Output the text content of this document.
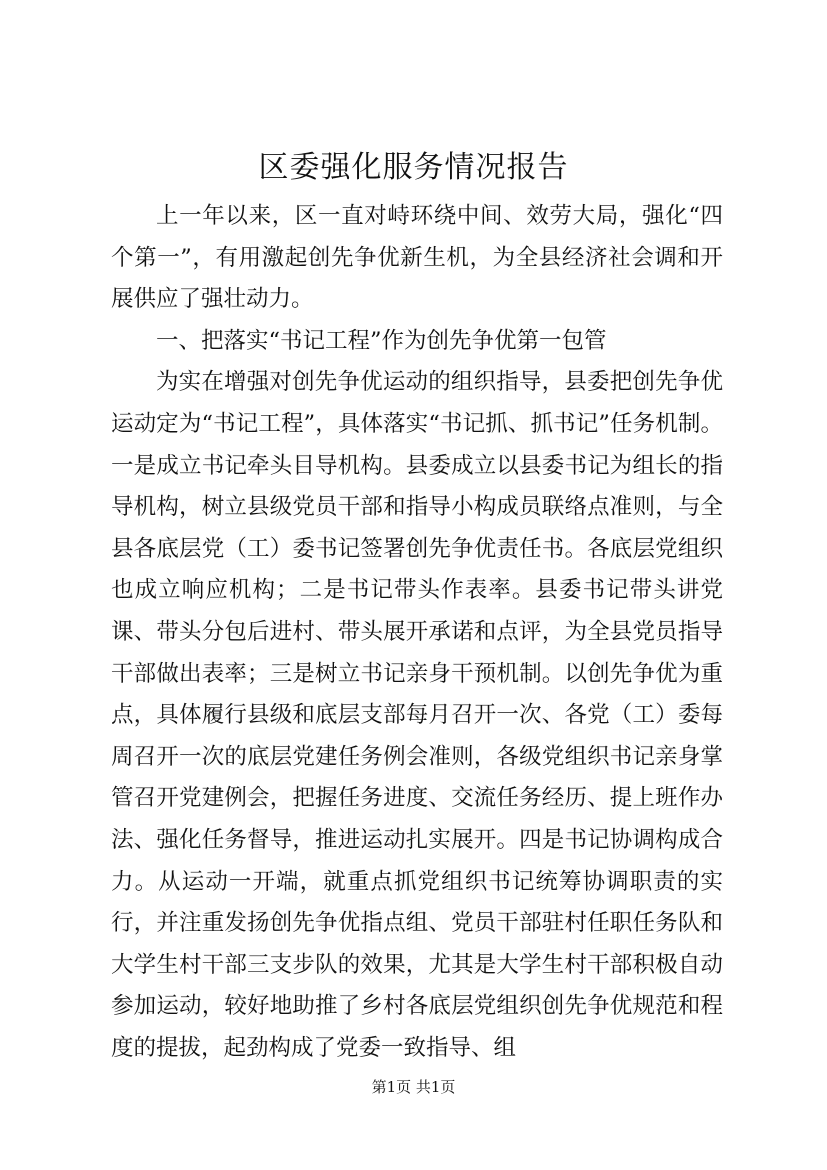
区委强化服务情况报告

上一年以来，区一直对峙环绕中间、效劳大局，强化“四个第一”，有用激起创先争优新生机，为全县经济社会调和开展供应了强壮动力。

一、把落实“书记工程”作为创先争优第一包管

为实在增强对创先争优运动的组织指导，县委把创先争优运动定为“书记工程”，具体落实“书记抓、抓书记”任务机制。一是成立书记牵头目导机构。县委成立以县委书记为组长的指导机构，树立县级党员干部和指导小构成员联络点准则，与全县各底层党（工）委书记签署创先争优责任书。各底层党组织也成立响应机构；二是书记带头作表率。县委书记带头讲党课、带头分包后进村、带头展开承诺和点评，为全县党员指导干部做出表率；三是树立书记亲身干预机制。以创先争优为重点，具体履行县级和底层支部每月召开一次、各党（工）委每周召开一次的底层党建任务例会准则，各级党组织书记亲身掌管召开党建例会，把握任务进度、交流任务经历、提上班作办法、强化任务督导，推进运动扎实展开。四是书记协调构成合力。从运动一开端，就重点抓党组织书记统筹协调职责的实行，并注重发扬创先争优指点组、党员干部驻村任职任务队和大学生村干部三支步队的效果，尤其是大学生村干部积极自动参加运动，较好地助推了乡村各底层党组织创先争优规范和程度的提拔，起劲构成了党委一致指导、组

第1页 共1页
